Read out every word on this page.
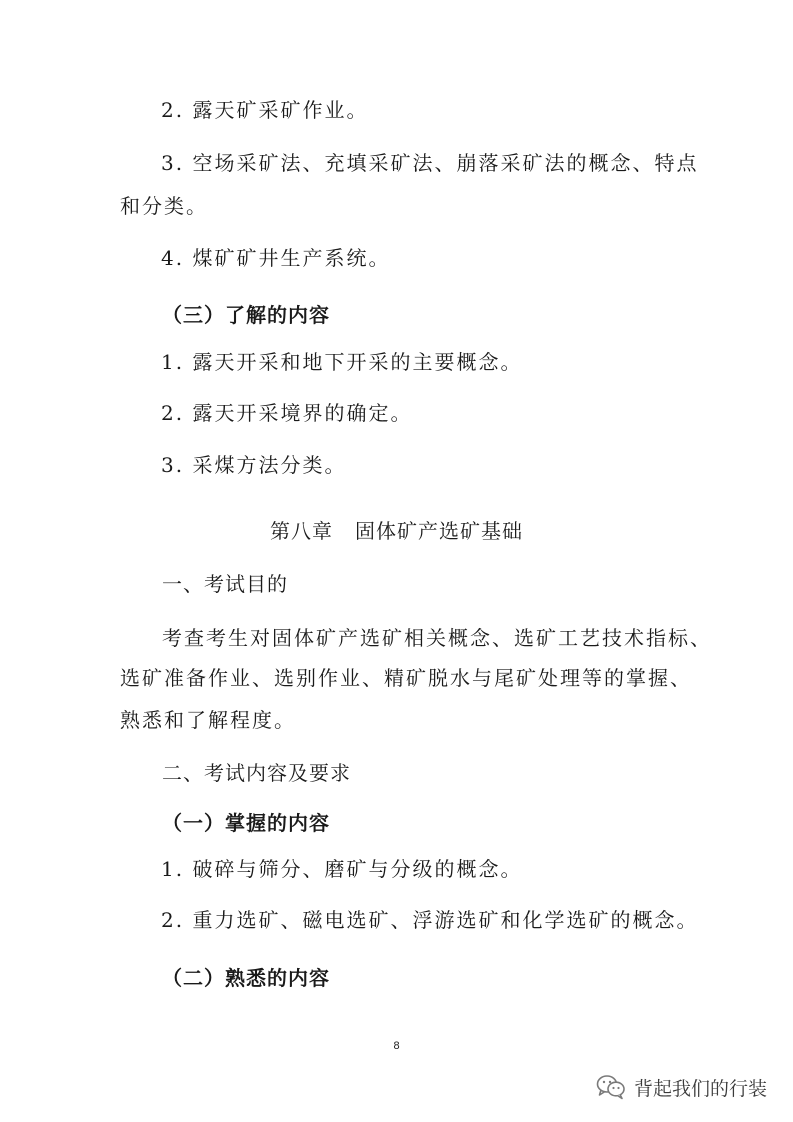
2. 露天矿采矿作业。
3. 空场采矿法、充填采矿法、崩落采矿法的概念、特点
和分类。
4. 煤矿矿井生产系统。
（三）了解的内容
1. 露天开采和地下开采的主要概念。
2. 露天开采境界的确定。
3. 采煤方法分类。
第八章   固体矿产选矿基础
一、考试目的
考查考生对固体矿产选矿相关概念、选矿工艺技术指标、
选矿准备作业、选别作业、精矿脱水与尾矿处理等的掌握、
熟悉和了解程度。
二、考试内容及要求
（一）掌握的内容
1. 破碎与筛分、磨矿与分级的概念。
2. 重力选矿、磁电选矿、浮游选矿和化学选矿的概念。
（二）熟悉的内容
8
背起我们的行装
